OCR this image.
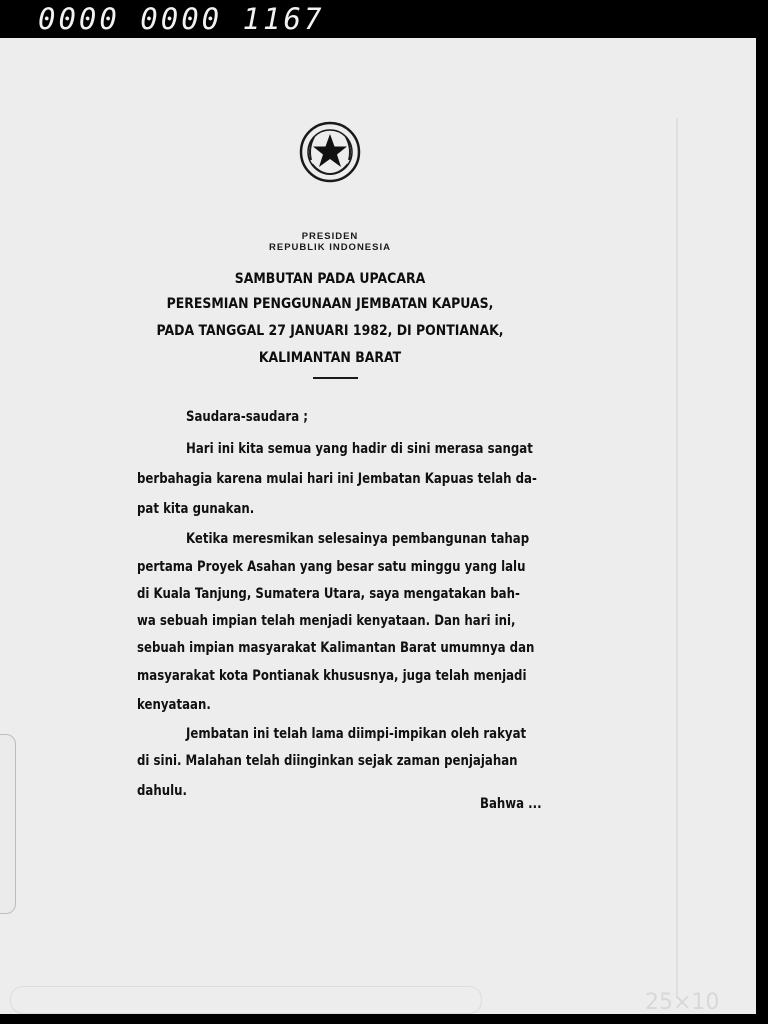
0000 0000 1167
25×10
PRESIDEN
REPUBLIK INDONESIA
SAMBUTAN PADA UPACARA
PERESMIAN PENGGUNAAN JEMBATAN KAPUAS,
PADA TANGGAL 27 JANUARI 1982, DI PONTIANAK,
KALIMANTAN BARAT
Saudara-saudara ;
Hari ini kita semua yang hadir di sini merasa sangat
berbahagia karena mulai hari ini Jembatan Kapuas telah da-
pat kita gunakan.
Ketika meresmikan selesainya pembangunan tahap
pertama Proyek Asahan yang besar satu minggu yang lalu
di Kuala Tanjung, Sumatera Utara, saya mengatakan bah-
wa sebuah impian telah menjadi kenyataan. Dan hari ini,
sebuah impian masyarakat Kalimantan Barat umumnya dan
masyarakat kota Pontianak khususnya, juga telah menjadi
kenyataan.
Jembatan ini telah lama diimpi-impikan oleh rakyat
di sini. Malahan telah diinginkan sejak zaman penjajahan
dahulu.
Bahwa ...
